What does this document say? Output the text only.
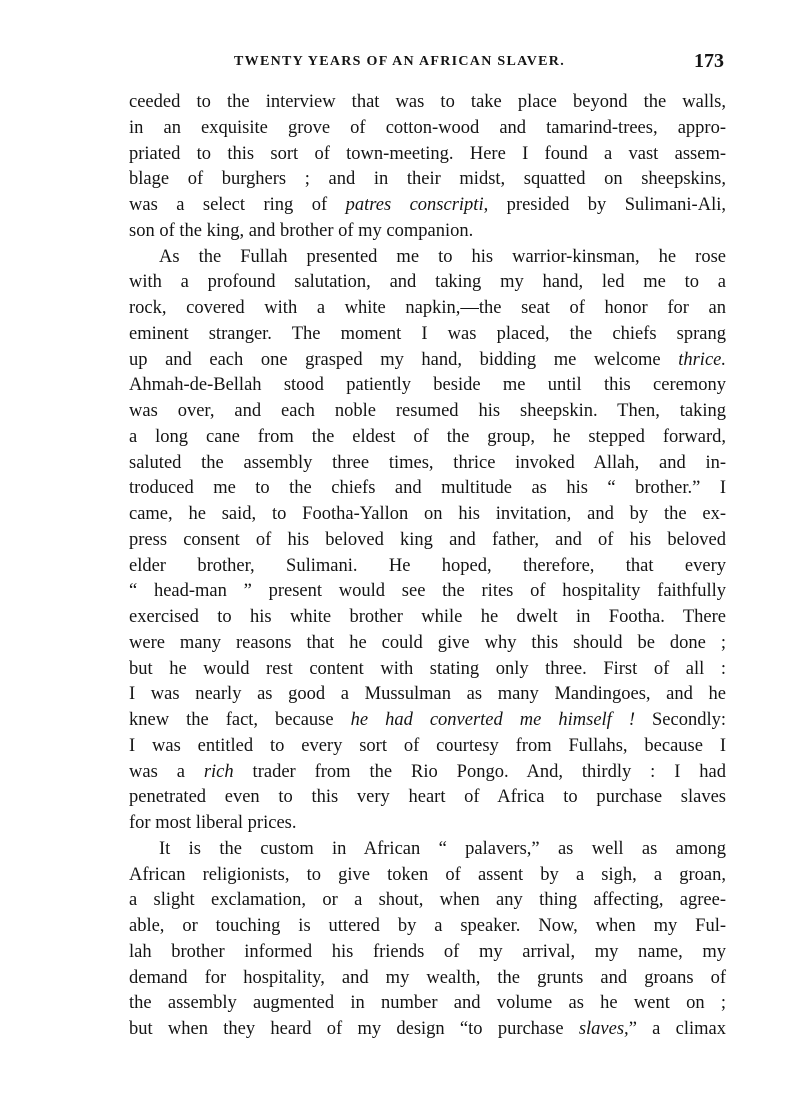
TWENTY YEARS OF AN AFRICAN SLAVER.	173
ceeded to the interview that was to take place beyond the walls,
in an exquisite grove of cotton-wood and tamarind-trees, appro-
priated to this sort of town-meeting. Here I found a vast assem-
blage of burghers ; and in their midst, squatted on sheepskins,
was a select ring of patres conscripti, presided by Sulimani-Ali,
son of the king, and brother of my companion.
As the Fullah presented me to his warrior-kinsman, he rose
with a profound salutation, and taking my hand, led me to a
rock, covered with a white napkin,—the seat of honor for an
eminent stranger. The moment I was placed, the chiefs sprang
up and each one grasped my hand, bidding me welcome thrice.
Ahmah-de-Bellah stood patiently beside me until this ceremony
was over, and each noble resumed his sheepskin. Then, taking
a long cane from the eldest of the group, he stepped forward,
saluted the assembly three times, thrice invoked Allah, and in-
troduced me to the chiefs and multitude as his “ brother.” I
came, he said, to Footha-Yallon on his invitation, and by the ex-
press consent of his beloved king and father, and of his beloved
elder brother, Sulimani. He hoped, therefore, that every
“ head-man ” present would see the rites of hospitality faithfully
exercised to his white brother while he dwelt in Footha. There
were many reasons that he could give why this should be done ;
but he would rest content with stating only three. First of all :
I was nearly as good a Mussulman as many Mandingoes, and he
knew the fact, because he had converted me himself ! Secondly:
I was entitled to every sort of courtesy from Fullahs, because I
was a rich trader from the Rio Pongo. And, thirdly : I had
penetrated even to this very heart of Africa to purchase slaves
for most liberal prices.
It is the custom in African “ palavers,” as well as among
African religionists, to give token of assent by a sigh, a groan,
a slight exclamation, or a shout, when any thing affecting, agree-
able, or touching is uttered by a speaker. Now, when my Ful-
lah brother informed his friends of my arrival, my name, my
demand for hospitality, and my wealth, the grunts and groans of
the assembly augmented in number and volume as he went on ;
but when they heard of my design “to purchase slaves,” a climax
